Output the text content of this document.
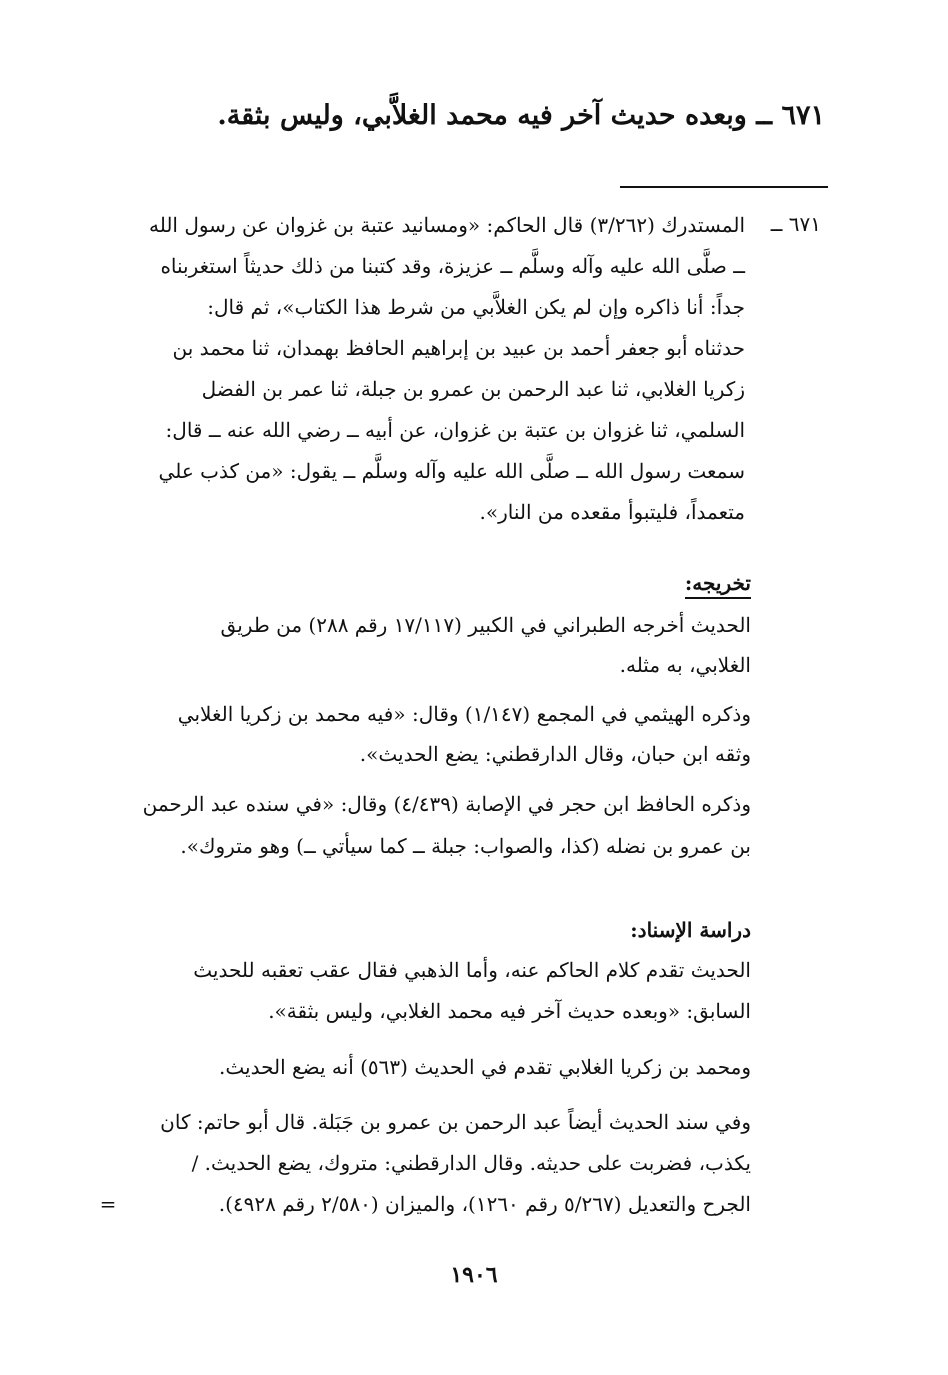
٦٧١ ــ وبعده حديث آخر فيه محمد الغلاَّبي، وليس بثقة.
٦٧١ ــ
المستدرك (٣/٢٦٢) قال الحاكم: «ومسانيد عتبة بن غزوان عن رسول الله
ــ صلَّى الله عليه وآله وسلَّم ــ عزيزة، وقد كتبنا من ذلك حديثاً استغربناه
جداً: أنا ذاكره وإن لم يكن الغلاَّبي من شرط هذا الكتاب»، ثم قال:
حدثناه أبو جعفر أحمد بن عبيد بن إبراهيم الحافظ بهمدان، ثنا محمد بن
زكريا الغلابي، ثنا عبد الرحمن بن عمرو بن جبلة، ثنا عمر بن الفضل
السلمي، ثنا غزوان بن عتبة بن غزوان، عن أبيه ــ رضي الله عنه ــ قال:
سمعت رسول الله ــ صلَّى الله عليه وآله وسلَّم ــ يقول: «من كذب علي
متعمداً، فليتبوأ مقعده من النار».
تخريجه:
الحديث أخرجه الطبراني في الكبير (١٧/١١٧ رقم ٢٨٨) من طريق
الغلابي، به مثله.
وذكره الهيثمي في المجمع (١/١٤٧) وقال: «فيه محمد بن زكريا الغلابي
وثقه ابن حبان، وقال الدارقطني: يضع الحديث».
وذكره الحافظ ابن حجر في الإصابة (٤/٤٣٩) وقال: «في سنده عبد الرحمن
بن عمرو بن نضله (كذا، والصواب: جبلة ــ كما سيأتي ــ) وهو متروك».
دراسة الإسناد:
الحديث تقدم كلام الحاكم عنه، وأما الذهبي فقال عقب تعقبه للحديث
السابق: «وبعده حديث آخر فيه محمد الغلابي، وليس بثقة».
ومحمد بن زكريا الغلابي تقدم في الحديث (٥٦٣) أنه يضع الحديث.
وفي سند الحديث أيضاً عبد الرحمن بن عمرو بن جَبَلة. قال أبو حاتم: كان
يكذب، فضربت على حديثه. وقال الدارقطني: متروك، يضع الحديث. /
الجرح والتعديل (٥/٢٦٧ رقم ١٢٦٠)، والميزان (٢/٥٨٠ رقم ٤٩٢٨).
=
١٩٠٦
